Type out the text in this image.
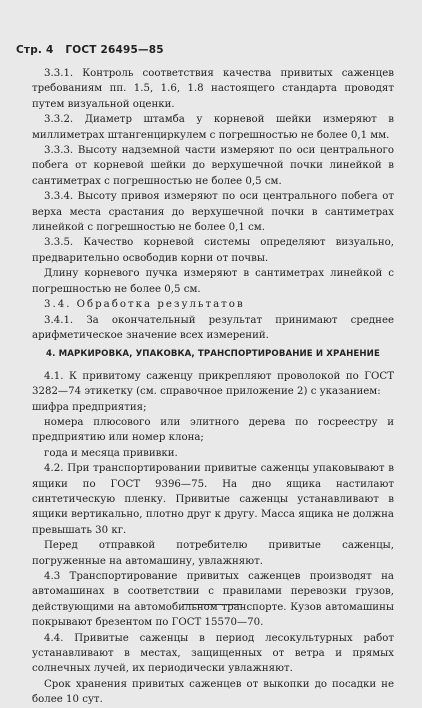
Стр. 4 ГОСТ 26495—85

3.3.1. Контроль соответствия качества привитых саженцев требованиям пп. 1.5, 1.6, 1.8 настоящего стандарта проводят путем визуальной оценки.

3.3.2. Диаметр штамба у корневой шейки измеряют в миллиметрах штангенциркулем с погрешностью не более 0,1 мм.

3.3.3. Высоту надземной части измеряют по оси центрального побега от корневой шейки до верхушечной почки линейкой в сантиметрах с погрешностью не более 0,5 см.

3.3.4. Высоту привоя измеряют по оси центрального побега от верха места срастания до верхушечной почки в сантиметрах линейкой с погрешностью не более 0,1 см.

3.3.5. Качество корневой системы определяют визуально, предварительно освободив корни от почвы.

Длину корневого пучка измеряют в сантиметрах линейкой с погрешностью не более 0,5 см.

3.4. Обработка результатов

3.4.1. За окончательный результат принимают среднее арифметическое значение всех измерений.

4. МАРКИРОВКА, УПАКОВКА, ТРАНСПОРТИРОВАНИЕ И ХРАНЕНИЕ

4.1. К привитому саженцу прикрепляют проволокой по ГОСТ 3282—74 этикетку (см. справочное приложение 2) с указанием:

шифра предприятия;

номера плюсового или элитного дерева по госреестру и предприятию или номер клона;

года и месяца прививки.

4.2. При транспортировании привитые саженцы упаковывают в ящики по ГОСТ 9396—75. На дно ящика настилают синтетическую пленку. Привитые саженцы устанавливают в ящики вертикально, плотно друг к другу. Масса ящика не должна превышать 30 кг.

Перед отправкой потребителю привитые саженцы, погруженные на автомашину, увлажняют.

4.3 Транспортирование привитых саженцев производят на автомашинах в соответствии с правилами перевозки грузов, действующими на автомобильном транспорте. Кузов автомашины покрывают брезентом по ГОСТ 15570—70.

4.4. Привитые саженцы в период лесокультурных работ устанавливают в местах, защищенных от ветра и прямых солнечных лучей, их периодически увлажняют.

Срок хранения привитых саженцев от выкопки до посадки не более 10 сут.
